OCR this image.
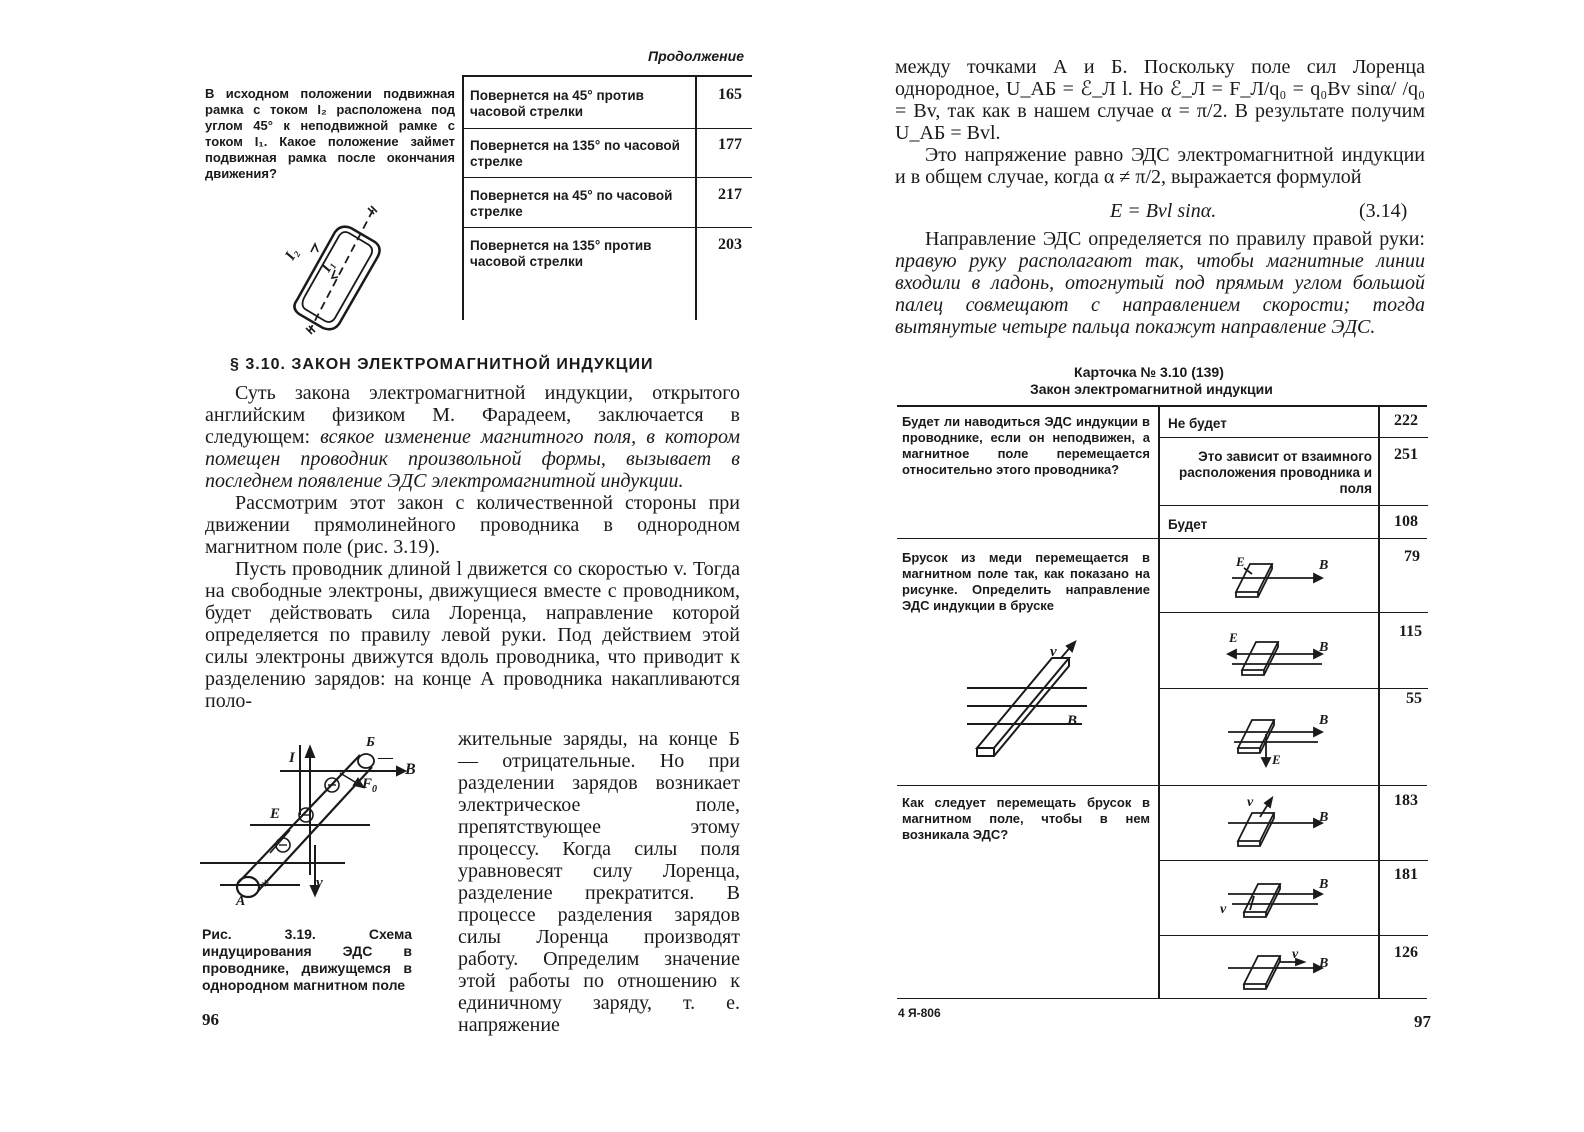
Продолжение
В исходном положении подвижная рамка с током I₂ расположена под углом 45° к неподвижной рамке с током I₁. Какое положение займет подвижная рамка после окончания движения?
Повернется на 45° против часовой стрелки
165
Повернется на 135° по часовой стрелке
177
Повернется на 45° по часовой стрелке
217
Повернется на 135° против часовой стрелки
203
I₂
I₁
§ 3.10. ЗАКОН ЭЛЕКТРОМАГНИТНОЙ ИНДУКЦИИ

Суть закона электромагнитной индукции, открытого английским физиком М. Фарадеем, заключается в следующем: всякое изменение магнитного поля, в котором помещен проводник произвольной формы, вызывает в последнем появление ЭДС электромагнитной индукции.

Рассмотрим этот закон с количественной стороны при движении прямолинейного проводника в однородном магнитном поле (рис. 3.19).

Пусть проводник длиной l движется со скоростью v. Тогда на свободные электроны, движущиеся вместе с проводником, будет действовать сила Лоренца, направление которой определяется по правилу левой руки. Под действием этой силы электроны движутся вдоль проводника, что приводит к разделению зарядов: на конце А проводника накапливаются поло-

жительные заряды, на конце Б — отрицательные. Но при разделении зарядов возникает электрическое поле, препятствующее этому процессу. Когда силы поля уравновесят силу Лоренца, разделение прекратится. В процессе разделения зарядов силы Лоренца производят работу. Определим значение этой работы по отношению к единичному заряду, т. е. напряжение
I
Б
—
B
$F_0$
E
v
+
A
Рис. 3.19. Схема индуцирования ЭДС в проводнике, движущемся в однородном магнитном поле
96

между точками А и Б. Поскольку поле сил Лоренца однородное, U_АБ = ℰ_Л l. Но ℰ_Л = F_Л/q₀ = q₀Bv sinα/ /q₀ = Bv, так как в нашем случае α = π/2. В результате получим U_АБ = Bvl.

Это напряжение равно ЭДС электромагнитной индукции и в общем случае, когда α ≠ π/2, выражается формулой

E = Bvl sinα.	(3.14)

Направление ЭДС определяется по правилу правой руки: правую руку располагают так, чтобы магнитные линии входили в ладонь, отогнутый под прямым углом большой палец совмещают с направлением скорости; тогда вытянутые четыре пальца покажут направление ЭДС.

Карточка № 3.10 (139)
Закон электромагнитной индукции
Будет ли наводиться ЭДС индукции в проводнике, если он неподвижен, а магнитное поле перемещается относительно этого проводника?
Не будет	222
Это зависит от взаимного расположения проводника и поля
251
Будет	108
Брусок из меди перемещается в магнитном поле так, как показано на рисунке. Определить направление ЭДС индукции в бруске
79
115
55
Как следует перемещать брусок в магнитном поле, чтобы в нем возникала ЭДС?
183
181
126
v
B
E	B
E
B
B
E
v
B
B
v
v
B
4 Я-806	97
